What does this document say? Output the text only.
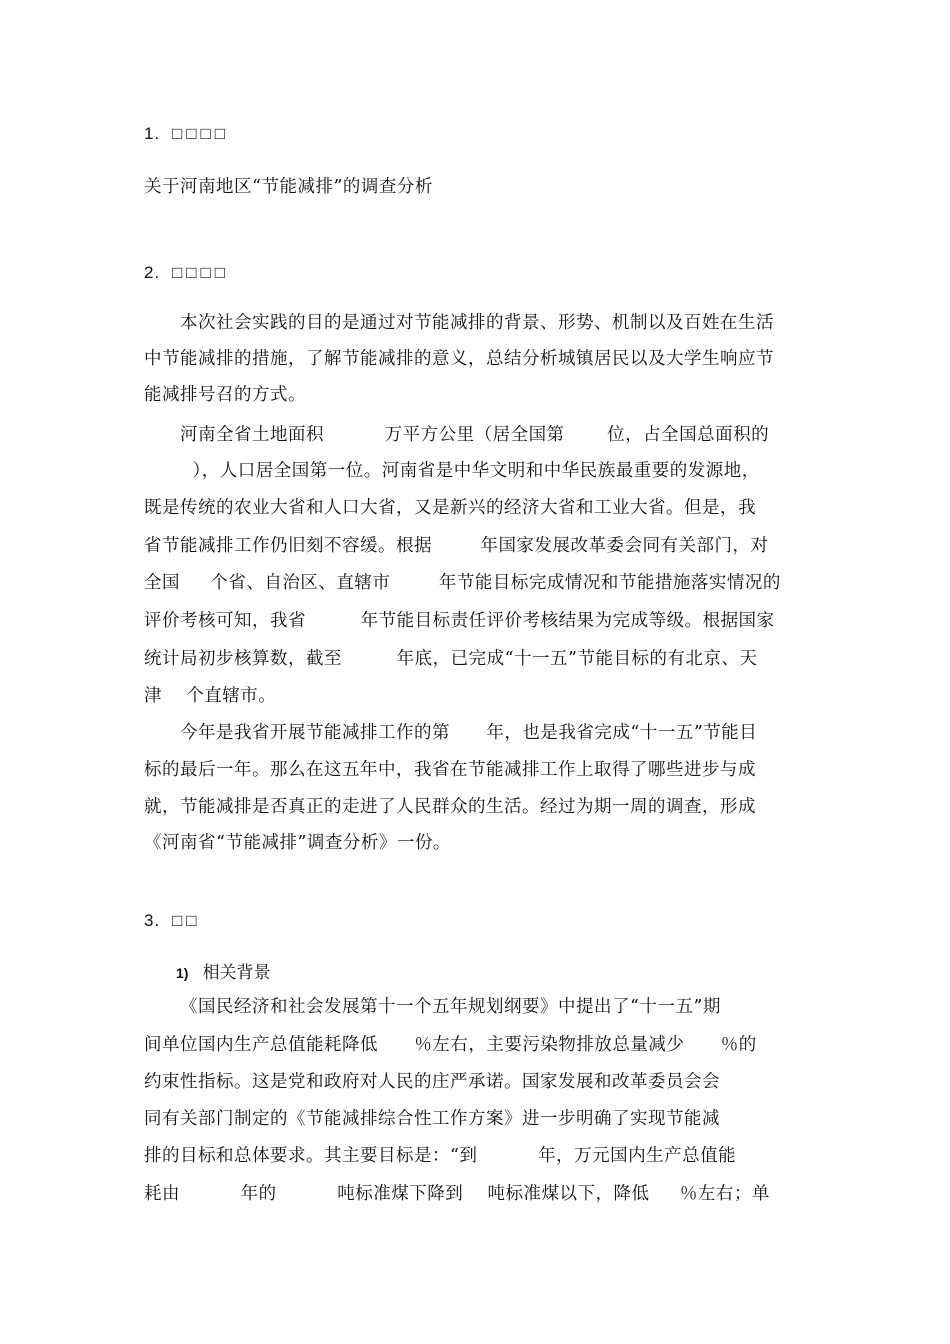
1. □□□□
关于河南地区“节能减排”的调查分析
2. □□□□
本次社会实践的目的是通过对节能减排的背景、形势、机制以及百姓在生活
中节能减排的措施，了解节能减排的意义，总结分析城镇居民以及大学生响应节
能减排号召的方式。
河南全省土地面积          万平方公里（居全国第       位，占全国总面积的
），人口居全国第一位。河南省是中华文明和中华民族最重要的发源地，
既是传统的农业大省和人口大省，又是新兴的经济大省和工业大省。但是，我
省节能减排工作仍旧刻不容缓。根据        年国家发展改革委会同有关部门，对
全国     个省、自治区、直辖市        年节能目标完成情况和节能措施落实情况的
评价考核可知，我省         年节能目标责任评价考核结果为完成等级。根据国家
统计局初步核算数，截至         年底，已完成“十一五”节能目标的有北京、天
津    个直辖市。
今年是我省开展节能减排工作的第      年，也是我省完成“十一五”节能目
标的最后一年。那么在这五年中，我省在节能减排工作上取得了哪些进步与成
就，节能减排是否真正的走进了人民群众的生活。经过为期一周的调查，形成
《河南省“节能减排”调查分析》一份。
3. □□
1) 相关背景
《国民经济和社会发展第十一个五年规划纲要》中提出了“十一五”期
间单位国内生产总值能耗降低      ％左右，主要污染物排放总量减少      ％的
约束性指标。这是党和政府对人民的庄严承诺。国家发展和改革委员会会
同有关部门制定的《节能减排综合性工作方案》进一步明确了实现节能减
排的目标和总体要求。其主要目标是：“到          年，万元国内生产总值能
耗由          年的          吨标准煤下降到    吨标准煤以下，降低     ％左右；单
